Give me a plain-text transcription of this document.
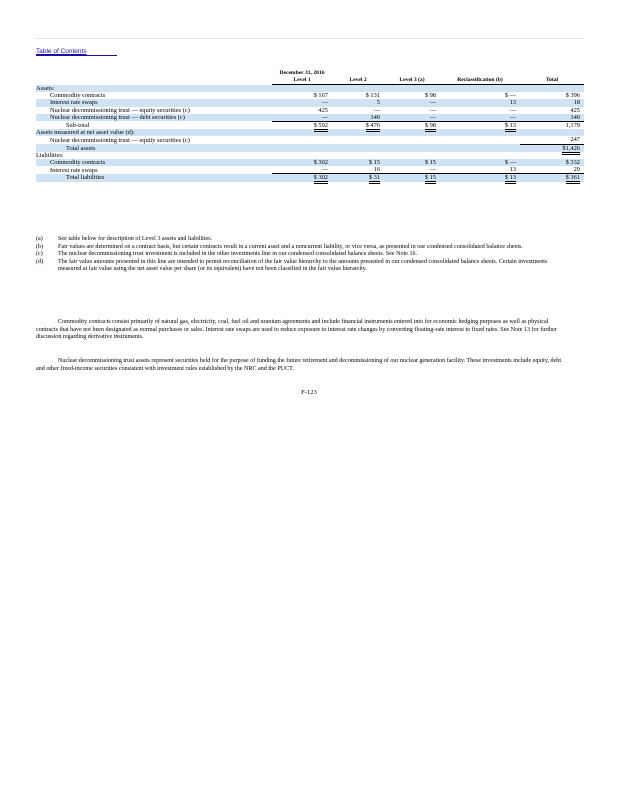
Table of Contents
	December 31, 2016				
	Level 1	Level 2	Level 3 (a)	Reclassification (b)	Total
Assets:					
Commodity contracts	$ 167	$ 131	$ 98	$ —	$ 396
Interest rate swaps	—	5	—	13	18
Nuclear decommissioning trust — equity securities (c)	425	—	—	—	425
Nuclear decommissioning trust — debt securities (c)	—	340	—	—	340
Sub-total	$ 592	$ 476	$ 98	$ 13	1,179
Assets measured at net asset value (d):					
Nuclear decommissioning trust — equity securities (c)					247
Total assets					$1,426
Liabilities:					
Commodity contracts	$ 302	$ 15	$ 15	$ —	$ 332
Interest rate swaps	—	16	—	13	29
Total liabilities	$ 302	$ 31	$ 15	$ 13	$ 361
(a)	See table below for description of Level 3 assets and liabilities.
(b)	Fair values are determined on a contract basis, but certain contracts result in a current asset and a noncurrent liability, or vice versa, as presented in our condensed consolidated balance sheets.
(c)	The nuclear decommissioning trust investment is included in the other investments line in our condensed consolidated balance sheets. See Note 16.
(d)	The fair value amounts presented in this line are intended to permit reconciliation of the fair value hierarchy to the amounts presented in our condensed consolidated balance sheets. Certain investments measured at fair value using the net asset value per share (or its equivalent) have not been classified in the fair value hierarchy.

Commodity contracts consist primarily of natural gas, electricity, coal, fuel oil and uranium agreements and include financial instruments entered into for economic hedging purposes as well as physical contracts that have not been designated as normal purchases or sales. Interest rate swaps are used to reduce exposure to interest rate changes by converting floating-rate interest to fixed rates. See Note 13 for further discussion regarding derivative instruments.

Nuclear decommissioning trust assets represent securities held for the purpose of funding the future retirement and decommissioning of our nuclear generation facility. These investments include equity, debt and other fixed-income securities consistent with investment rules established by the NRC and the PUCT.

F-123
